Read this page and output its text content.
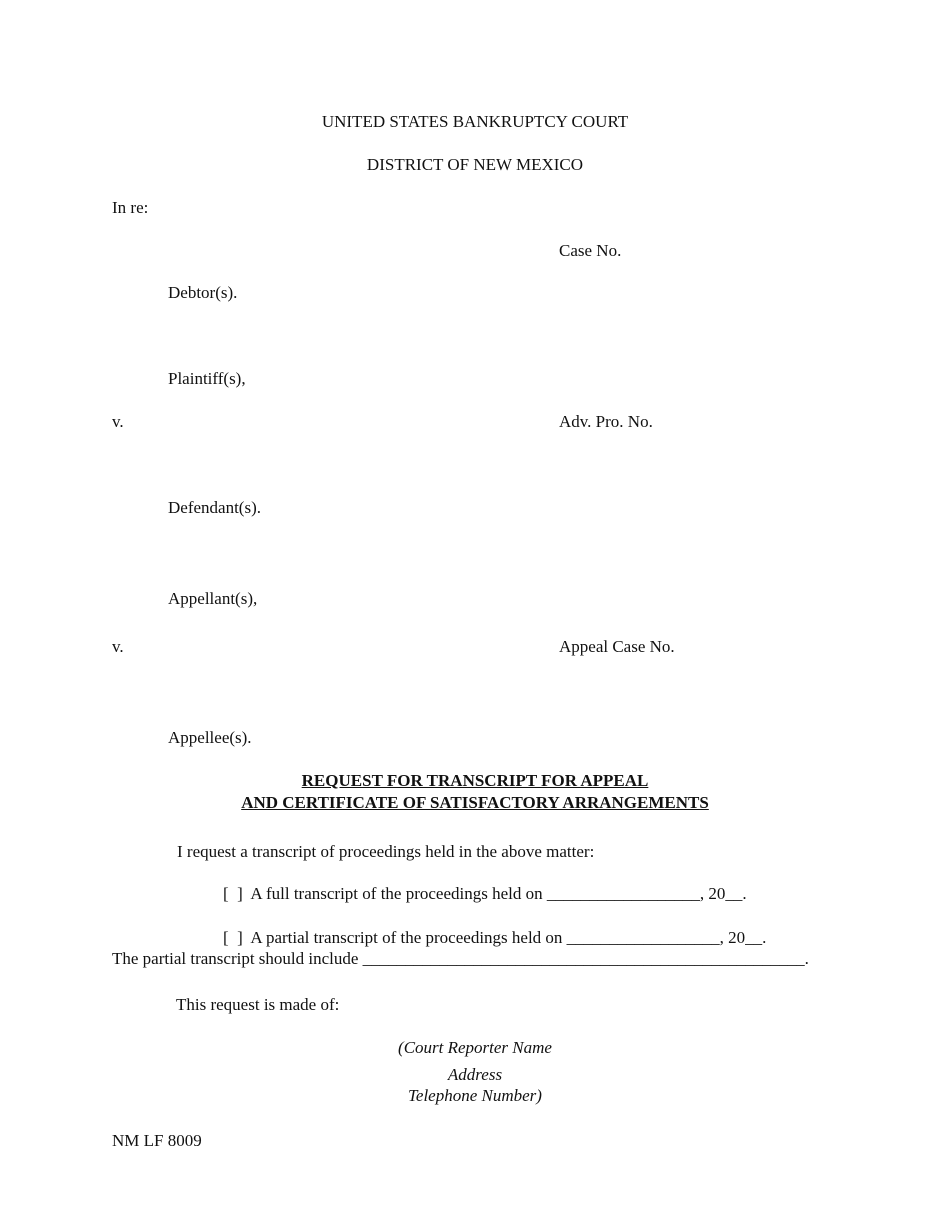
UNITED STATES BANKRUPTCY COURT
DISTRICT OF NEW MEXICO
In re:
Case No.
Debtor(s).
Plaintiff(s),
v.	Adv. Pro. No.
Defendant(s).
Appellant(s),
v.	Appeal Case No.
Appellee(s).
REQUEST FOR TRANSCRIPT FOR APPEAL
AND CERTIFICATE OF SATISFACTORY ARRANGEMENTS
I request a transcript of proceedings held in the above matter:
[  ]  A full transcript of the proceedings held on __________________, 20__.
[  ]  A partial transcript of the proceedings held on __________________, 20__.
The partial transcript should include ____________________________________________________.
This request is made of:
(Court Reporter Name
Address
Telephone Number)
NM LF 8009
